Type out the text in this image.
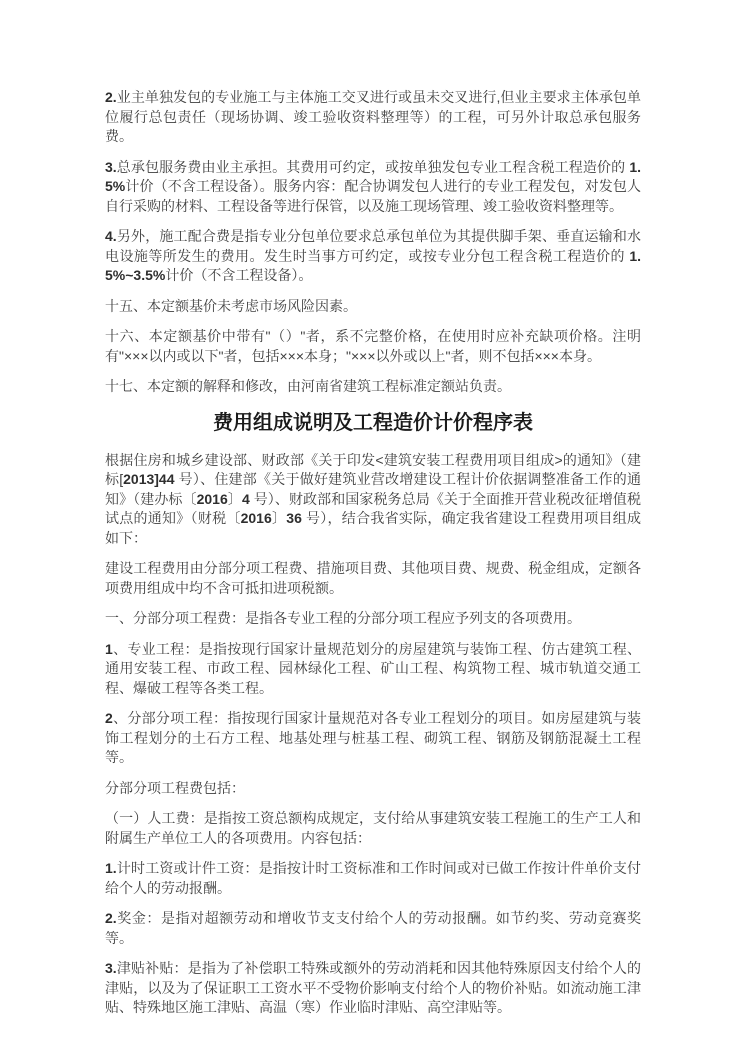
2.业主单独发包的专业施工与主体施工交叉进行或虽未交叉进行,但业主要求主体承包单位履行总包责任（现场协调、竣工验收资料整理等）的工程，可另外计取总承包服务费。

3.总承包服务费由业主承担。其费用可约定，或按单独发包专业工程含税工程造价的 1.5%计价（不含工程设备）。服务内容：配合协调发包人进行的专业工程发包，对发包人自行采购的材料、工程设备等进行保管，以及施工现场管理、竣工验收资料整理等。

4.另外，施工配合费是指专业分包单位要求总承包单位为其提供脚手架、垂直运输和水电设施等所发生的费用。发生时当事方可约定，或按专业分包工程含税工程造价的 1.5%~3.5%计价（不含工程设备）。

十五、本定额基价未考虑市场风险因素。

十六、本定额基价中带有"（）"者，系不完整价格，在使用时应补充缺项价格。注明有"×××以内或以下"者，包括×××本身；"×××以外或以上"者，则不包括×××本身。

十七、本定额的解释和修改，由河南省建筑工程标准定额站负责。

费用组成说明及工程造价计价程序表

根据住房和城乡建设部、财政部《关于印发<建筑安装工程费用项目组成>的通知》（建标[2013]44 号）、住建部《关于做好建筑业营改增建设工程计价依据调整准备工作的通知》（建办标〔2016〕4 号）、财政部和国家税务总局《关于全面推开营业税改征增值税试点的通知》（财税〔2016〕36 号），结合我省实际，确定我省建设工程费用项目组成如下：

建设工程费用由分部分项工程费、措施项目费、其他项目费、规费、税金组成，定额各项费用组成中均不含可抵扣进项税额。

一、分部分项工程费：是指各专业工程的分部分项工程应予列支的各项费用。

1、专业工程：是指按现行国家计量规范划分的房屋建筑与装饰工程、仿古建筑工程、通用安装工程、市政工程、园林绿化工程、矿山工程、构筑物工程、城市轨道交通工程、爆破工程等各类工程。

2、分部分项工程：指按现行国家计量规范对各专业工程划分的项目。如房屋建筑与装饰工程划分的土石方工程、地基处理与桩基工程、砌筑工程、钢筋及钢筋混凝土工程等。

分部分项工程费包括：

（一）人工费：是指按工资总额构成规定，支付给从事建筑安装工程施工的生产工人和附属生产单位工人的各项费用。内容包括：

1.计时工资或计件工资：是指按计时工资标准和工作时间或对已做工作按计件单价支付给个人的劳动报酬。

2.奖金：是指对超额劳动和增收节支支付给个人的劳动报酬。如节约奖、劳动竞赛奖等。

3.津贴补贴：是指为了补偿职工特殊或额外的劳动消耗和因其他特殊原因支付给个人的津贴，以及为了保证职工工资水平不受物价影响支付给个人的物价补贴。如流动施工津贴、特殊地区施工津贴、高温（寒）作业临时津贴、高空津贴等。
